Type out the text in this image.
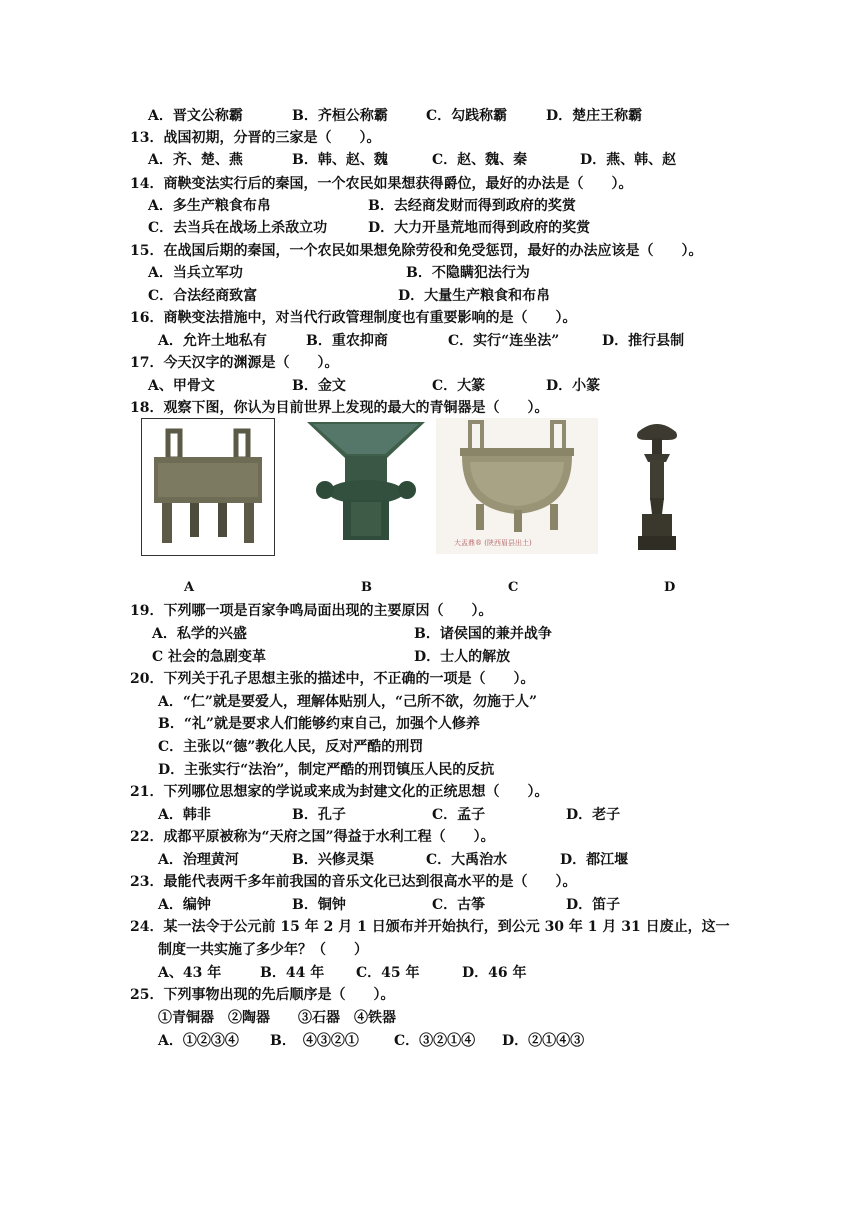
A．晋文公称霸	B．齐桓公称霸	C．勾践称霸	D．楚庄王称霸
13．战国初期，分晋的三家是（　　）。
A．齐、楚、燕	B．韩、赵、魏	C．赵、魏、秦	D．燕、韩、赵
14．商鞅变法实行后的秦国，一个农民如果想获得爵位，最好的办法是（　　）。
A．多生产粮食布帛	B．去经商发财而得到政府的奖赏
C．去当兵在战场上杀敌立功	D．大力开垦荒地而得到政府的奖赏
15．在战国后期的秦国，一个农民如果想免除劳役和免受惩罚，最好的办法应该是（　　）。
A．当兵立军功	B．不隐瞒犯法行为
C．合法经商致富	D．大量生产粮食和布帛
16．商鞅变法措施中，对当代行政管理制度也有重要影响的是（　　）。
A．允许土地私有	B．重农抑商	C．实行“连坐法”	D．推行县制
17．今天汉字的渊源是（　　）。
A、甲骨文	B．金文	C．大篆	D．小篆
18．观察下图，你认为目前世界上发现的最大的青铜器是（　　）。
大盂鼎® (陕西眉县出土)
A	B	C	D
19．下列哪一项是百家争鸣局面出现的主要原因（　　）。
A．私学的兴盛	B．诸侯国的兼并战争
C 社会的急剧变革	D．士人的解放
20．下列关于孔子思想主张的描述中，不正确的一项是（　　）。
A．“仁”就是要爱人，理解体贴别人，“己所不欲，勿施于人”
B．“礼”就是要求人们能够约束自己，加强个人修养
C．主张以“德”教化人民，反对严酷的刑罚
D．主张实行“法治”，制定严酷的刑罚镇压人民的反抗
21．下列哪位思想家的学说或来成为封建文化的正统思想（　　）。
A．韩非	B．孔子	C．孟子	D．老子
22．成都平原被称为“天府之国”得益于水利工程（　　）。
A．治理黄河	B．兴修灵渠	C．大禹治水	D．都江堰
23．最能代表两千多年前我国的音乐文化已达到很高水平的是（　　）。
A．编钟	B．铜钟	C．古筝	D．笛子
24．某一法令于公元前 15 年 2 月 1 日颁布并开始执行，到公元 30 年 1 月 31 日废止，这一
制度一共实施了多少年？（　　）
A、43 年	B．44 年 C．45 年	D．46 年
25．下列事物出现的先后顺序是（　　）。
①青铜器　②陶器　　③石器　④铁器
A．①②③④ B．　④③②①	C．③②①④ D．②①④③
